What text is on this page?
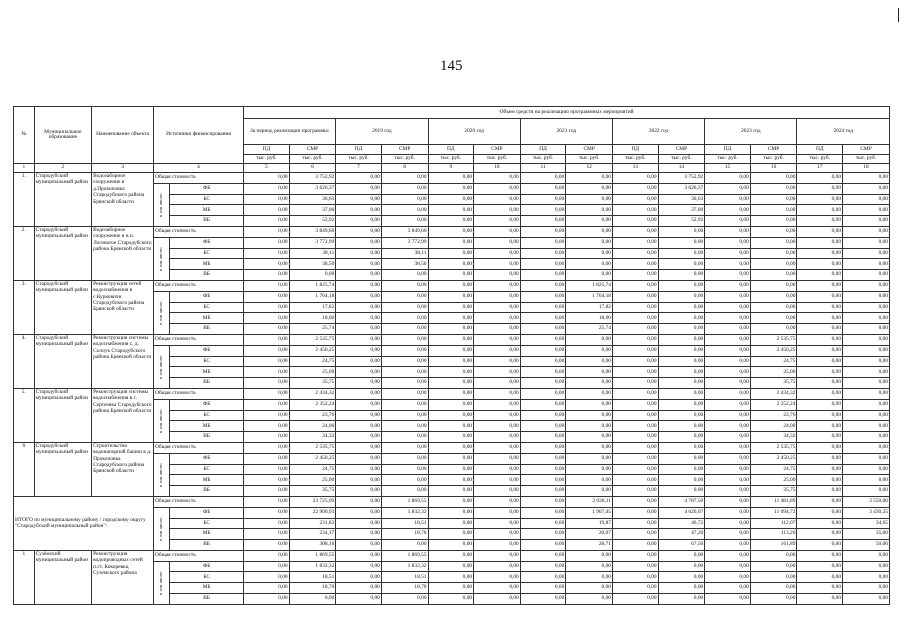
145
№	Муниципальное образование	Наименование объекта	Источники финансирования		Объем средств на реализацию программных мероприятий													
					За период реализации программы:		2019 год		2020 год		2021 год		2022 год		2023 год		2024 год	
					ПД	СМР	ПД	СМР	ПД	СМР	ПД	СМР	ПД	СМР	ПД	СМР	ПД	СМР
					тыс. руб.	тыс. руб.	тыс. руб.	тыс. руб.	тыс. руб.	тыс. руб.	тыс. руб.	тыс. руб.	тыс. руб.	тыс. руб.	тыс. руб.	тыс. руб.	тыс. руб.	тыс. руб.
1	2	3	4		5	6	7	8	9	10	11	12	13	14	15	16	17	18
1.	Стародубский муниципальный район	Водозаборное сооружение в д.Прокоповка Стародубского района Брянской области	Общая стоимость		0,00	3 752,92	0,00	0,00	0,00	0,00	0,00	0,00	0,00	3 752,92	0,00	0,00	0,00	0,00

			в том числе:	ФБ	0,00	3 626,37	0,00	0,00	0,00	0,00	0,00	0,00	0,00	3 626,37	0,00	0,00	0,00	0,00
				БС	0,00	36,63	0,00	0,00	0,00	0,00	0,00	0,00	0,00	36,63	0,00	0,00	0,00	0,00
				МБ	0,00	37,00	0,00	0,00	0,00	0,00	0,00	0,00	0,00	37,00	0,00	0,00	0,00	0,00
				ВБ	0,00	52,92	0,00	0,00	0,00	0,00	0,00	0,00	0,00	52,92	0,00	0,00	0,00	0,00
2.	Стародубский муниципальный район	Водозаборное сооружение в н.п. Логоватое Стародубского района Брянской области	Общая стоимость		0,00	3 849,60	0,00	3 849,60	0,00	0,00	0,00	0,00	0,00	0,00	0,00	0,00	0,00	0,00

			в том числе:	ФБ	0,00	3 772,99	0,00	3 772,99	0,00	0,00	0,00	0,00	0,00	0,00	0,00	0,00	0,00	0,00
				БС	0,00	38,11	0,00	38,11	0,00	0,00	0,00	0,00	0,00	0,00	0,00	0,00	0,00	0,00
				МБ	0,00	38,50	0,00	38,50	0,00	0,00	0,00	0,00	0,00	0,00	0,00	0,00	0,00	0,00
				ВБ	0,00	0,00	0,00	0,00	0,00	0,00	0,00	0,00	0,00	0,00	0,00	0,00	0,00	0,00
3.	Стародубский муниципальный район	Реконструкция сетей водоснабжения в с.Курковичи Стародубского района Брянской области	Общая стоимость		0,00	1 825,74	0,00	0,00	0,00	0,00	0,00	1 825,74	0,00	0,00	0,00	0,00	0,00	0,00

			в том числе:	ФБ	0,00	1 764,18	0,00	0,00	0,00	0,00	0,00	1 764,18	0,00	0,00	0,00	0,00	0,00	0,00
				БС	0,00	17,82	0,00	0,00	0,00	0,00	0,00	17,82	0,00	0,00	0,00	0,00	0,00	0,00
				МБ	0,00	18,00	0,00	0,00	0,00	0,00	0,00	18,00	0,00	0,00	0,00	0,00	0,00	0,00
				ВБ	0,00	25,74	0,00	0,00	0,00	0,00	0,00	25,74	0,00	0,00	0,00	0,00	0,00	0,00
4.	Стародубский муниципальный район	Реконструкция системы водоснабжения с. д. Солчук Стародубского района Брянской области	Общая стоимость		0,00	2 535,75	0,00	0,00	0,00	0,00	0,00	0,00	0,00	0,00	0,00	2 535,75	0,00	0,00

			в том числе:	ФБ	0,00	2 450,25	0,00	0,00	0,00	0,00	0,00	0,00	0,00	0,00	0,00	2 450,25	0,00	0,00
				БС	0,00	24,75	0,00	0,00	0,00	0,00	0,00	0,00	0,00	0,00	0,00	24,75	0,00	0,00
				МБ	0,00	25,00	0,00	0,00	0,00	0,00	0,00	0,00	0,00	0,00	0,00	25,00	0,00	0,00
				ВБ	0,00	35,75	0,00	0,00	0,00	0,00	0,00	0,00	0,00	0,00	0,00	35,75	0,00	0,00
5.	Стародубский муниципальный район	Реконструкция системы водоснабжения в с. Сергеевка Стародубского района Брянской области	Общая стоимость		0,00	2 434,32	0,00	0,00	0,00	0,00	0,00	0,00	0,00	0,00	0,00	2 434,32	0,00	0,00

			в том числе:	ФБ	0,00	2 352,24	0,00	0,00	0,00	0,00	0,00	0,00	0,00	0,00	0,00	2 352,24	0,00	0,00
				БС	0,00	23,76	0,00	0,00	0,00	0,00	0,00	0,00	0,00	0,00	0,00	23,76	0,00	0,00
				МБ	0,00	24,00	0,00	0,00	0,00	0,00	0,00	0,00	0,00	0,00	0,00	24,00	0,00	0,00
				ВБ	0,00	34,32	0,00	0,00	0,00	0,00	0,00	0,00	0,00	0,00	0,00	34,32	0,00	0,00
6	Стародубский муниципальный район	Строительство водонапорной башни в д. Прокоповка Стародубского района Брянской области	Общая стоимость		0,00	2 535,75	0,00	0,00	0,00	0,00	0,00	0,00	0,00	0,00	0,00	2 535,75	0,00	0,00

			в том числе:	ФБ	0,00	2 450,25	0,00	0,00	0,00	0,00	0,00	0,00	0,00	0,00	0,00	2 450,25	0,00	0,00
				БС	0,00	24,75	0,00	0,00	0,00	0,00	0,00	0,00	0,00	0,00	0,00	24,75	0,00	0,00
				МБ	0,00	25,00	0,00	0,00	0,00	0,00	0,00	0,00	0,00	0,00	0,00	25,00	0,00	0,00
				ВБ	0,00	35,75	0,00	0,00	0,00	0,00	0,00	0,00	0,00	0,00	0,00	35,75	0,00	0,00
ИТОГО по муниципальному району / городскому округу "Стародубский муниципальный район":			Общая стоимость		0,00	23 725,09	0,00	1 869,55	0,00	0,00	0,00	2 036,11	0,00	4 787,50	0,00	11 481,89	0,00	3 550,06

			в том числе:	ФБ	0,00	22 900,93	0,00	1 832,32	0,00	0,00	0,00	1 967,45	0,00	4 626,07	0,00	11 094,72	0,00	3 430,35
				БС	0,00	231,83	0,00	18,51	0,00	0,00	0,00	19,87	0,00	46,72	0,00	112,07	0,00	34,65
				МБ	0,00	234,17	0,00	18,70	0,00	0,00	0,00	20,07	0,00	47,20	0,00	113,20	0,00	35,00
				ВБ	0,00	308,16	0,00	0,00	0,00	0,00	0,00	28,71	0,00	67,50	0,00	161,89	0,00	50,06
1	Сузёмский муниципальный район	Реконструкция водопроводных сетей п.ст. Кокоревка, Суземского района	Общая стоимость		0,00	1 869,55	0,00	1 869,55	0,00	0,00	0,00	0,00	0,00	0,00	0,00	0,00	0,00	0,00

			в том числе:	ФБ	0,00	1 832,32	0,00	1 832,32	0,00	0,00	0,00	0,00	0,00	0,00	0,00	0,00	0,00	0,00
				БС	0,00	18,51	0,00	18,51	0,00	0,00	0,00	0,00	0,00	0,00	0,00	0,00	0,00	0,00
				МБ	0,00	18,70	0,00	18,70	0,00	0,00	0,00	0,00	0,00	0,00	0,00	0,00	0,00	0,00
				ВБ	0,00	0,00	0,00	0,00	0,00	0,00	0,00	0,00	0,00	0,00	0,00	0,00	0,00	0,00
